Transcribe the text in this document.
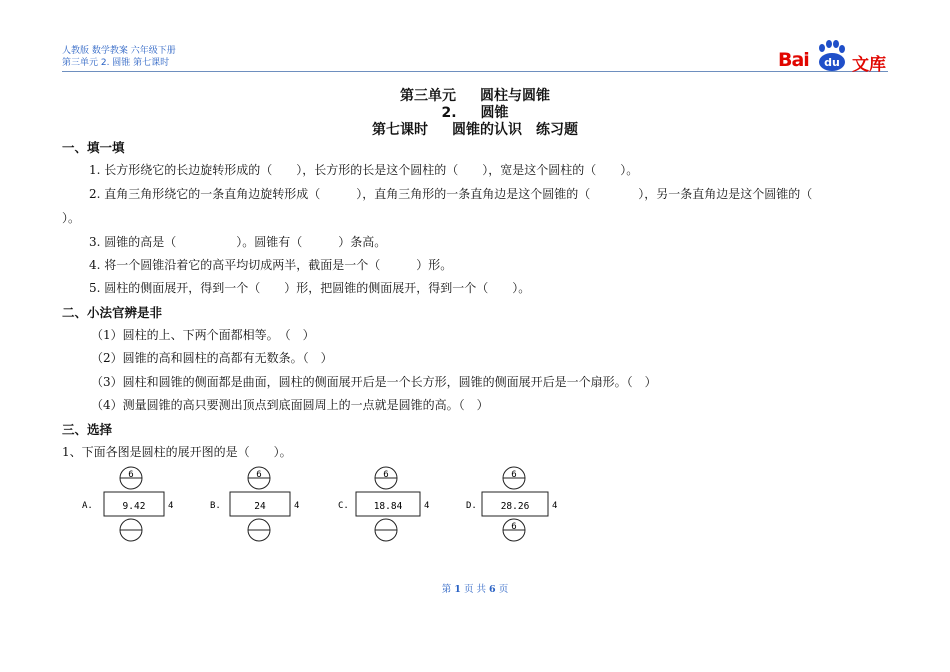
人教版 数学教案 六年级下册
第三单元 2. 圆锥 第七课时	Bai du 文库
第三单元 圆柱与圆锥
2. 圆锥
第七课时 圆锥的认识 练习题
一、填一填
1. 长方形绕它的长边旋转形成的（　　），长方形的长是这个圆柱的（　　），宽是这个圆柱的（　　）。
2. 直角三角形绕它的一条直角边旋转形成（　　　），直角三角形的一条直角边是这个圆锥的（　　　　），另一条直角边是这个圆锥的（
）。
3. 圆锥的高是（　　　　　）。圆锥有（　　　）条高。
4. 将一个圆锥沿着它的高平均切成两半，截面是一个（　　　）形。
5. 圆柱的侧面展开，得到一个（　　）形，把圆锥的侧面展开，得到一个（　　）。
二、小法官辨是非
（1）圆柱的上、下两个面都相等。　（　）
（2）圆锥的高和圆柱的高都有无数条。（　）
（3）圆柱和圆锥的侧面都是曲面，圆柱的侧面展开后是一个长方形，圆锥的侧面展开后是一个扇形。（　）
（4）测量圆锥的高只要测出顶点到底面圆周上的一点就是圆锥的高。（　）
三、选择
1、下面各图是圆柱的展开图的是（　　）。
A.
6
9.42	4	B.
6
24	4	C.
6
18.84 4	D.
6
28.26	4
6
第 1 页 共 6 页
